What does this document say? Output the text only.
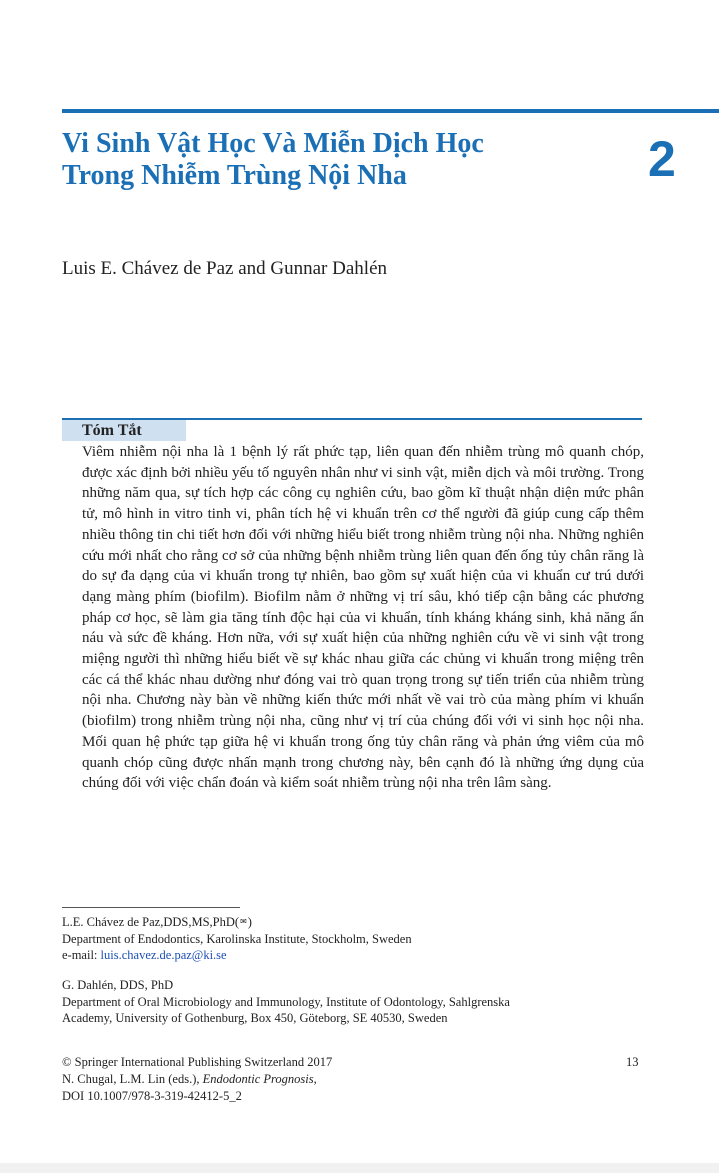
Vi Sinh Vật Học Và Miễn Dịch Học Trong Nhiễm Trùng Nội Nha	2
Luis E. Chávez de Paz and Gunnar Dahlén
Tóm Tắt

Viêm nhiễm nội nha là 1 bệnh lý rất phức tạp, liên quan đến nhiễm trùng mô quanh chóp, được xác định bởi nhiều yếu tố nguyên nhân như vi sinh vật, miễn dịch và môi trường. Trong những năm qua, sự tích hợp các công cụ nghiên cứu, bao gồm kĩ thuật nhận diện mức phân tử, mô hình in vitro tinh vi, phân tích hệ vi khuẩn trên cơ thể người đã giúp cung cấp thêm nhiều thông tin chi tiết hơn đối với những hiểu biết trong nhiễm trùng nội nha. Những nghiên cứu mới nhất cho rằng cơ sở của những bệnh nhiễm trùng liên quan đến ống tủy chân răng là do sự đa dạng của vi khuẩn trong tự nhiên, bao gồm sự xuất hiện của vi khuẩn cư trú dưới dạng màng phím (biofilm). Biofilm nằm ở những vị trí sâu, khó tiếp cận bằng các phương pháp cơ học, sẽ làm gia tăng tính độc hại của vi khuẩn, tính kháng kháng sinh, khả năng ẩn náu và sức đề kháng. Hơn nữa, với sự xuất hiện của những nghiên cứu về vi sinh vật trong miệng người thì những hiểu biết về sự khác nhau giữa các chủng vi khuẩn trong miệng trên các cá thể khác nhau dường như đóng vai trò quan trọng trong sự tiến triển của nhiễm trùng nội nha. Chương này bàn về những kiến thức mới nhất về vai trò của màng phím vi khuẩn (biofilm) trong nhiễm trùng nội nha, cũng như vị trí của chúng đối với vi sinh học nội nha. Mối quan hệ phức tạp giữa hệ vi khuẩn trong ống tủy chân răng và phản ứng viêm của mô quanh chóp cũng được nhấn mạnh trong chương này, bên cạnh đó là những ứng dụng của chúng đối với việc chẩn đoán và kiểm soát nhiễm trùng nội nha trên lâm sàng.

L.E. Chávez de Paz,DDS,MS,PhD(✉)
Department of Endodontics, Karolinska Institute, Stockholm, Sweden
e-mail: luis.chavez.de.paz@ki.se
G. Dahlén, DDS, PhD
Department of Oral Microbiology and Immunology, Institute of Odontology, Sahlgrenska
Academy, University of Gothenburg, Box 450, Göteborg, SE 40530, Sweden
© Springer International Publishing Switzerland 2017
N. Chugal, L.M. Lin (eds.), Endodontic Prognosis,
DOI 10.1007/978-3-319-42412-5_2
13
